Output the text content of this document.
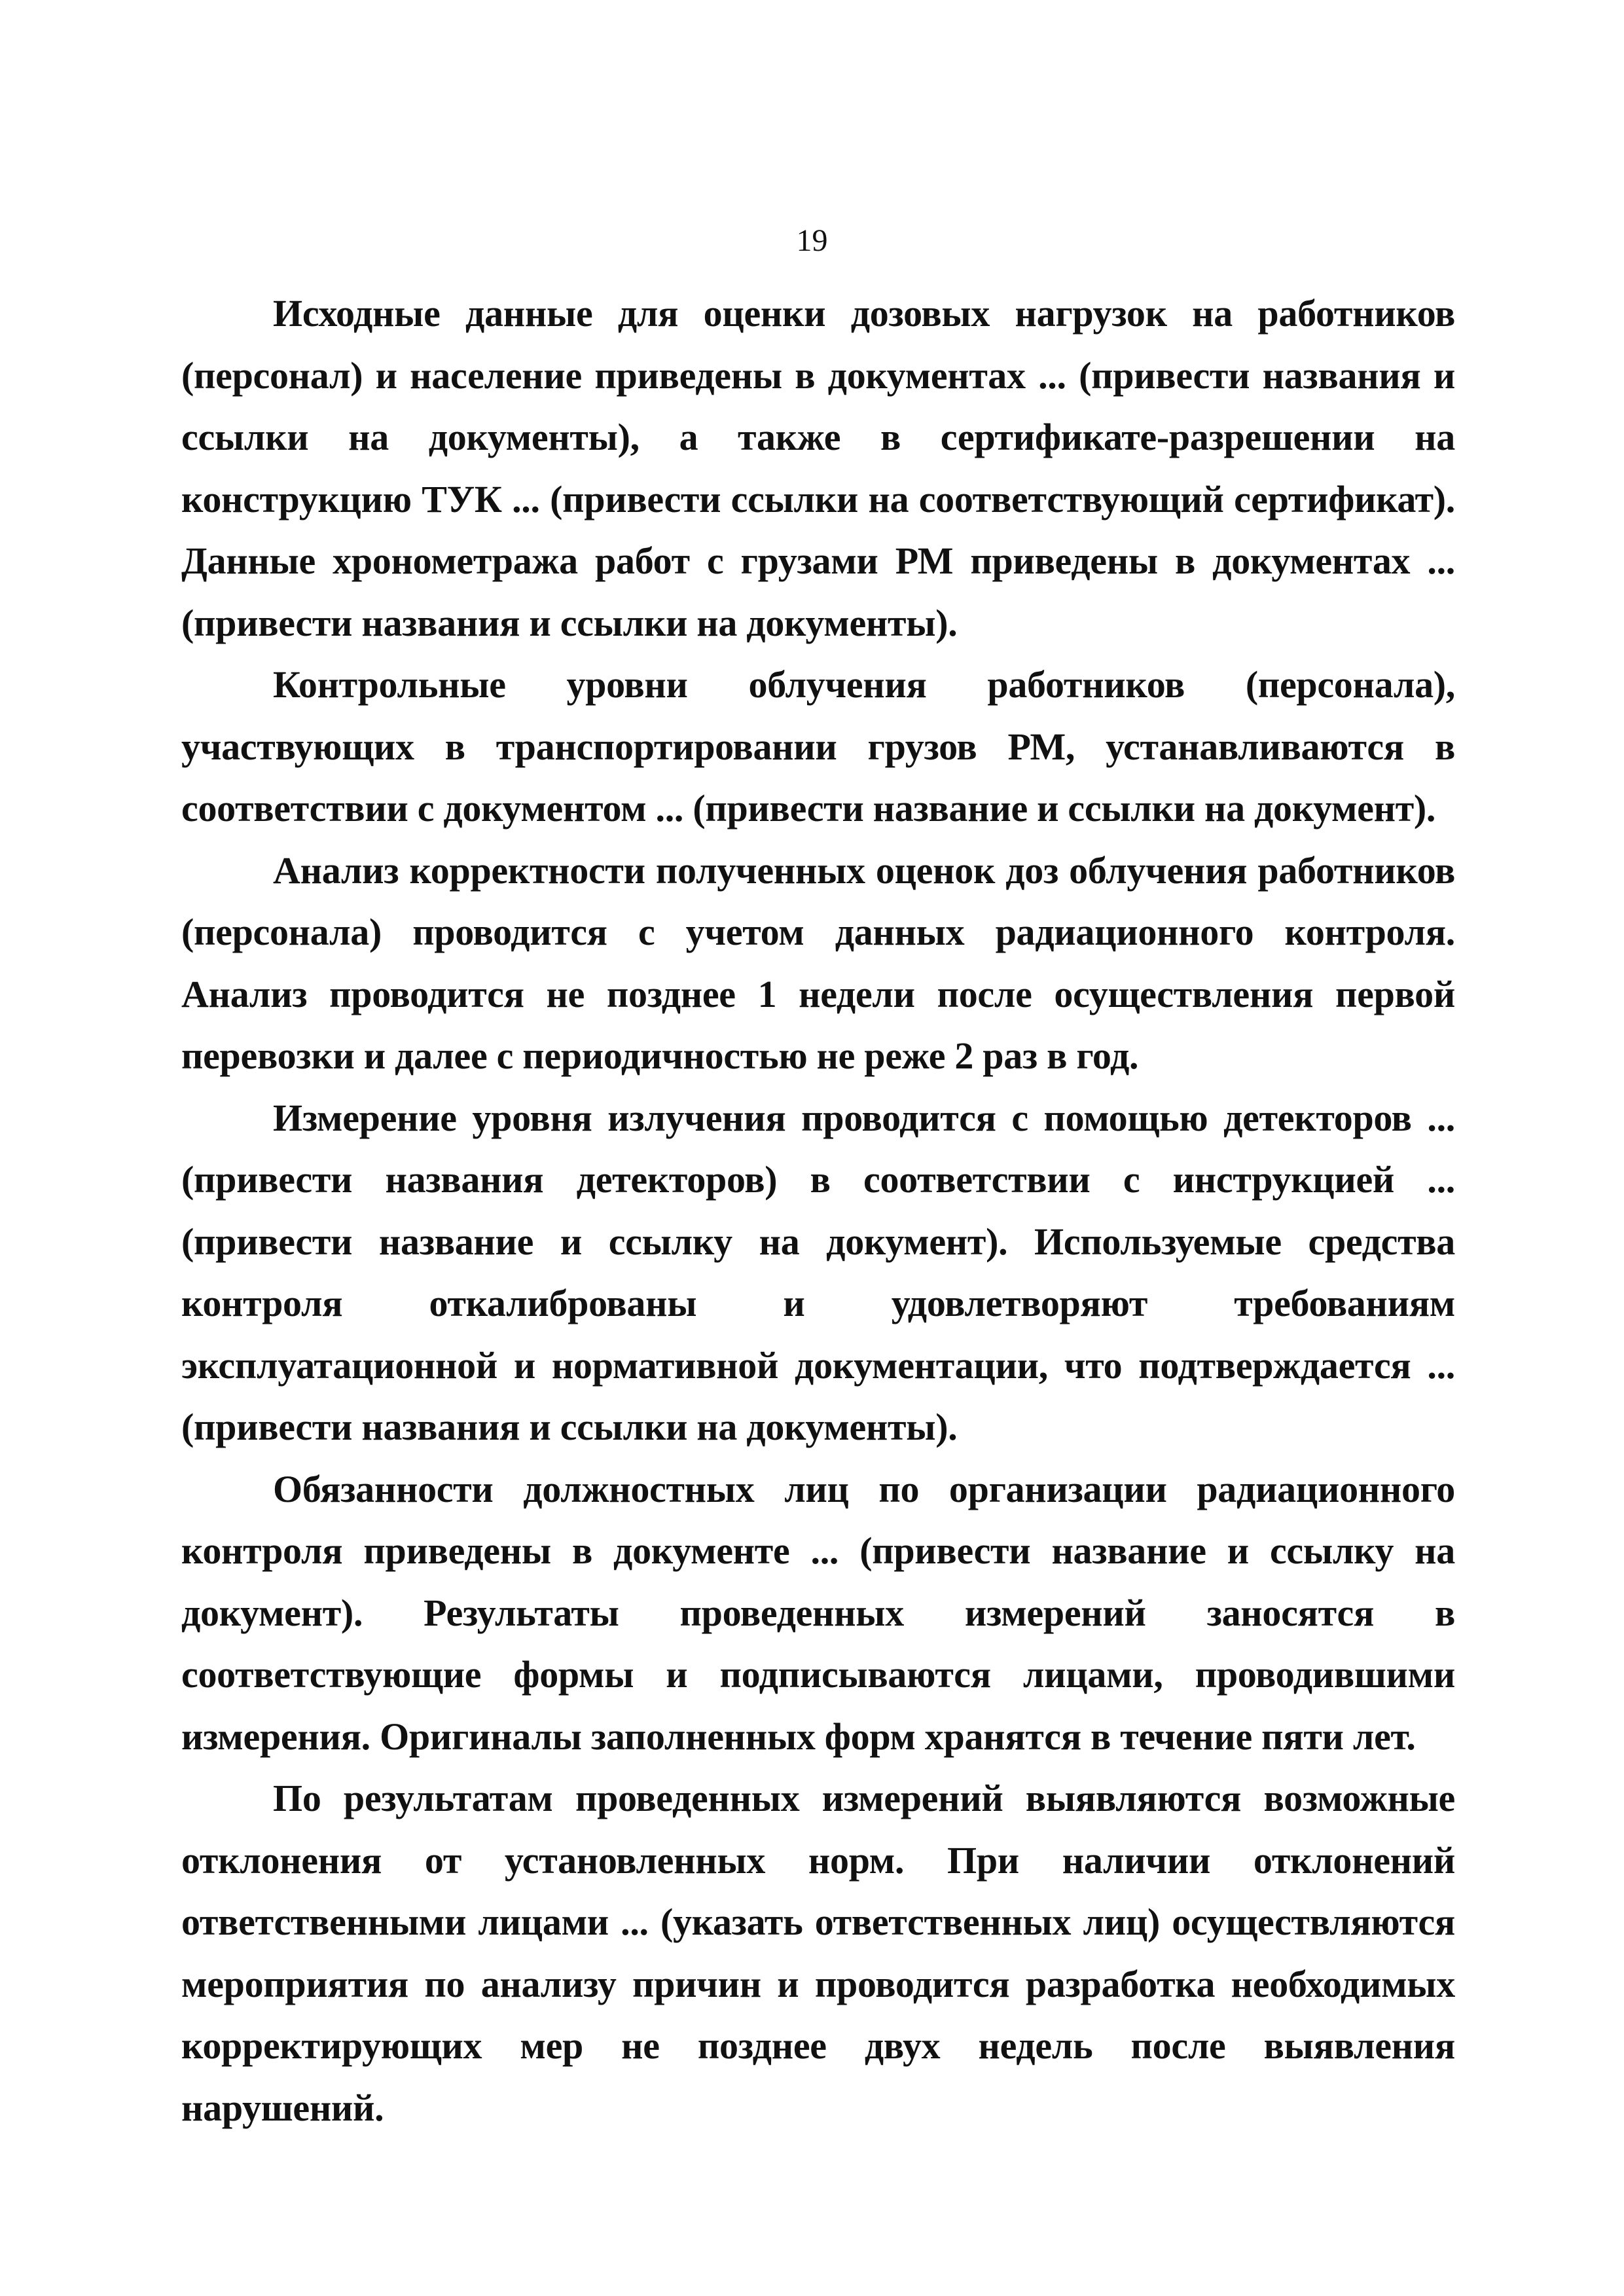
19

Исходные данные для оценки дозовых нагрузок на работников (персонал) и население приведены в документах ... (привести названия и ссылки на документы), а также в сертификате-разрешении на конструкцию ТУК ... (привести ссылки на соответствующий сертификат). Данные хронометража работ с грузами РМ приведены в документах ... (привести названия и ссылки на документы).

Контрольные уровни облучения работников (персонала), участвующих в транспортировании грузов РМ, устанавливаются в соответствии с документом ... (привести название и ссылки на документ).

Анализ корректности полученных оценок доз облучения работников (персонала) проводится с учетом данных радиационного контроля. Анализ проводится не позднее 1 недели после осуществления первой перевозки и далее с периодичностью не реже 2 раз в год.

Измерение уровня излучения проводится с помощью детекторов ... (привести названия детекторов) в соответствии с инструкцией ... (привести название и ссылку на документ). Используемые средства контроля откалиброваны и удовлетворяют требованиям эксплуатационной и нормативной документации, что подтверждается ... (привести названия и ссылки на документы).

Обязанности должностных лиц по организации радиационного контроля приведены в документе ... (привести название и ссылку на документ). Результаты проведенных измерений заносятся в соответствующие формы и подписываются лицами, проводившими измерения. Оригиналы заполненных форм хранятся в течение пяти лет.

По результатам проведенных измерений выявляются возможные отклонения от установленных норм. При наличии отклонений ответственными лицами ... (указать ответственных лиц) осуществляются мероприятия по анализу причин и проводится разработка необходимых корректирующих мер не позднее двух недель после выявления нарушений.
